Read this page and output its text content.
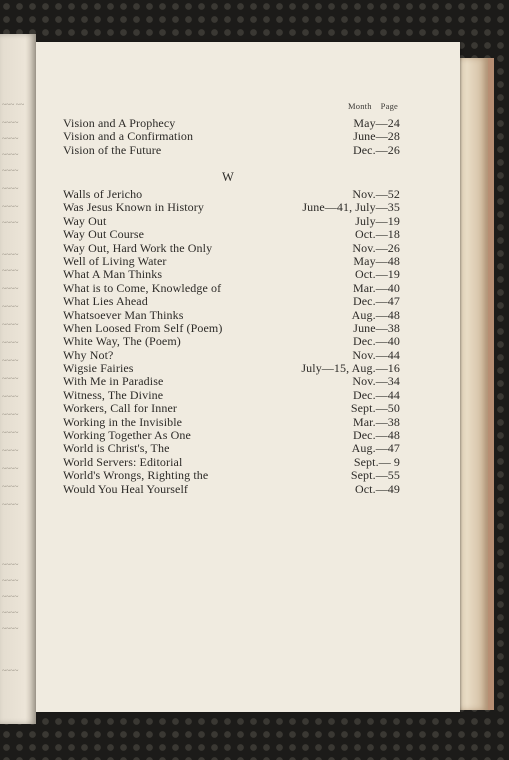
~~~ ~~
~~~~
~~~~
~~~~
~~~~
~~~~
~~~~
~~~~
~~~~
~~~~
~~~~
~~~~
~~~~
~~~~
~~~~
~~~~
~~~~
~~~~
~~~~
~~~~
~~~~
~~~~
~~~~
~~~~
~~~~
~~~~
~~~~
~~~~
~~~~
Month Page
Vision and A Prophecy	May—24
Vision and a Confirmation	June—28
Vision of the Future	Dec.—26
W
Walls of Jericho	Nov.—52
Was Jesus Known in History	June—41, July—35
Way Out	July—19
Way Out Course	Oct.—18
Way Out, Hard Work the Only	Nov.—26
Well of Living Water	May—48
What A Man Thinks	Oct.—19
What is to Come, Knowledge of	Mar.—40
What Lies Ahead	Dec.—47
Whatsoever Man Thinks	Aug.—48
When Loosed From Self (Poem)	June—38
White Way, The (Poem)	Dec.—40
Why Not?	Nov.—44
Wigsie Fairies	July—15, Aug.—16
With Me in Paradise	Nov.—34
Witness, The Divine	Dec.—44
Workers, Call for Inner	Sept.—50
Working in the Invisible	Mar.—38
Working Together As One	Dec.—48
World is Christ's, The	Aug.—47
World Servers: Editorial	Sept.— 9
World's Wrongs, Righting the	Sept.—55
Would You Heal Yourself	Oct.—49
